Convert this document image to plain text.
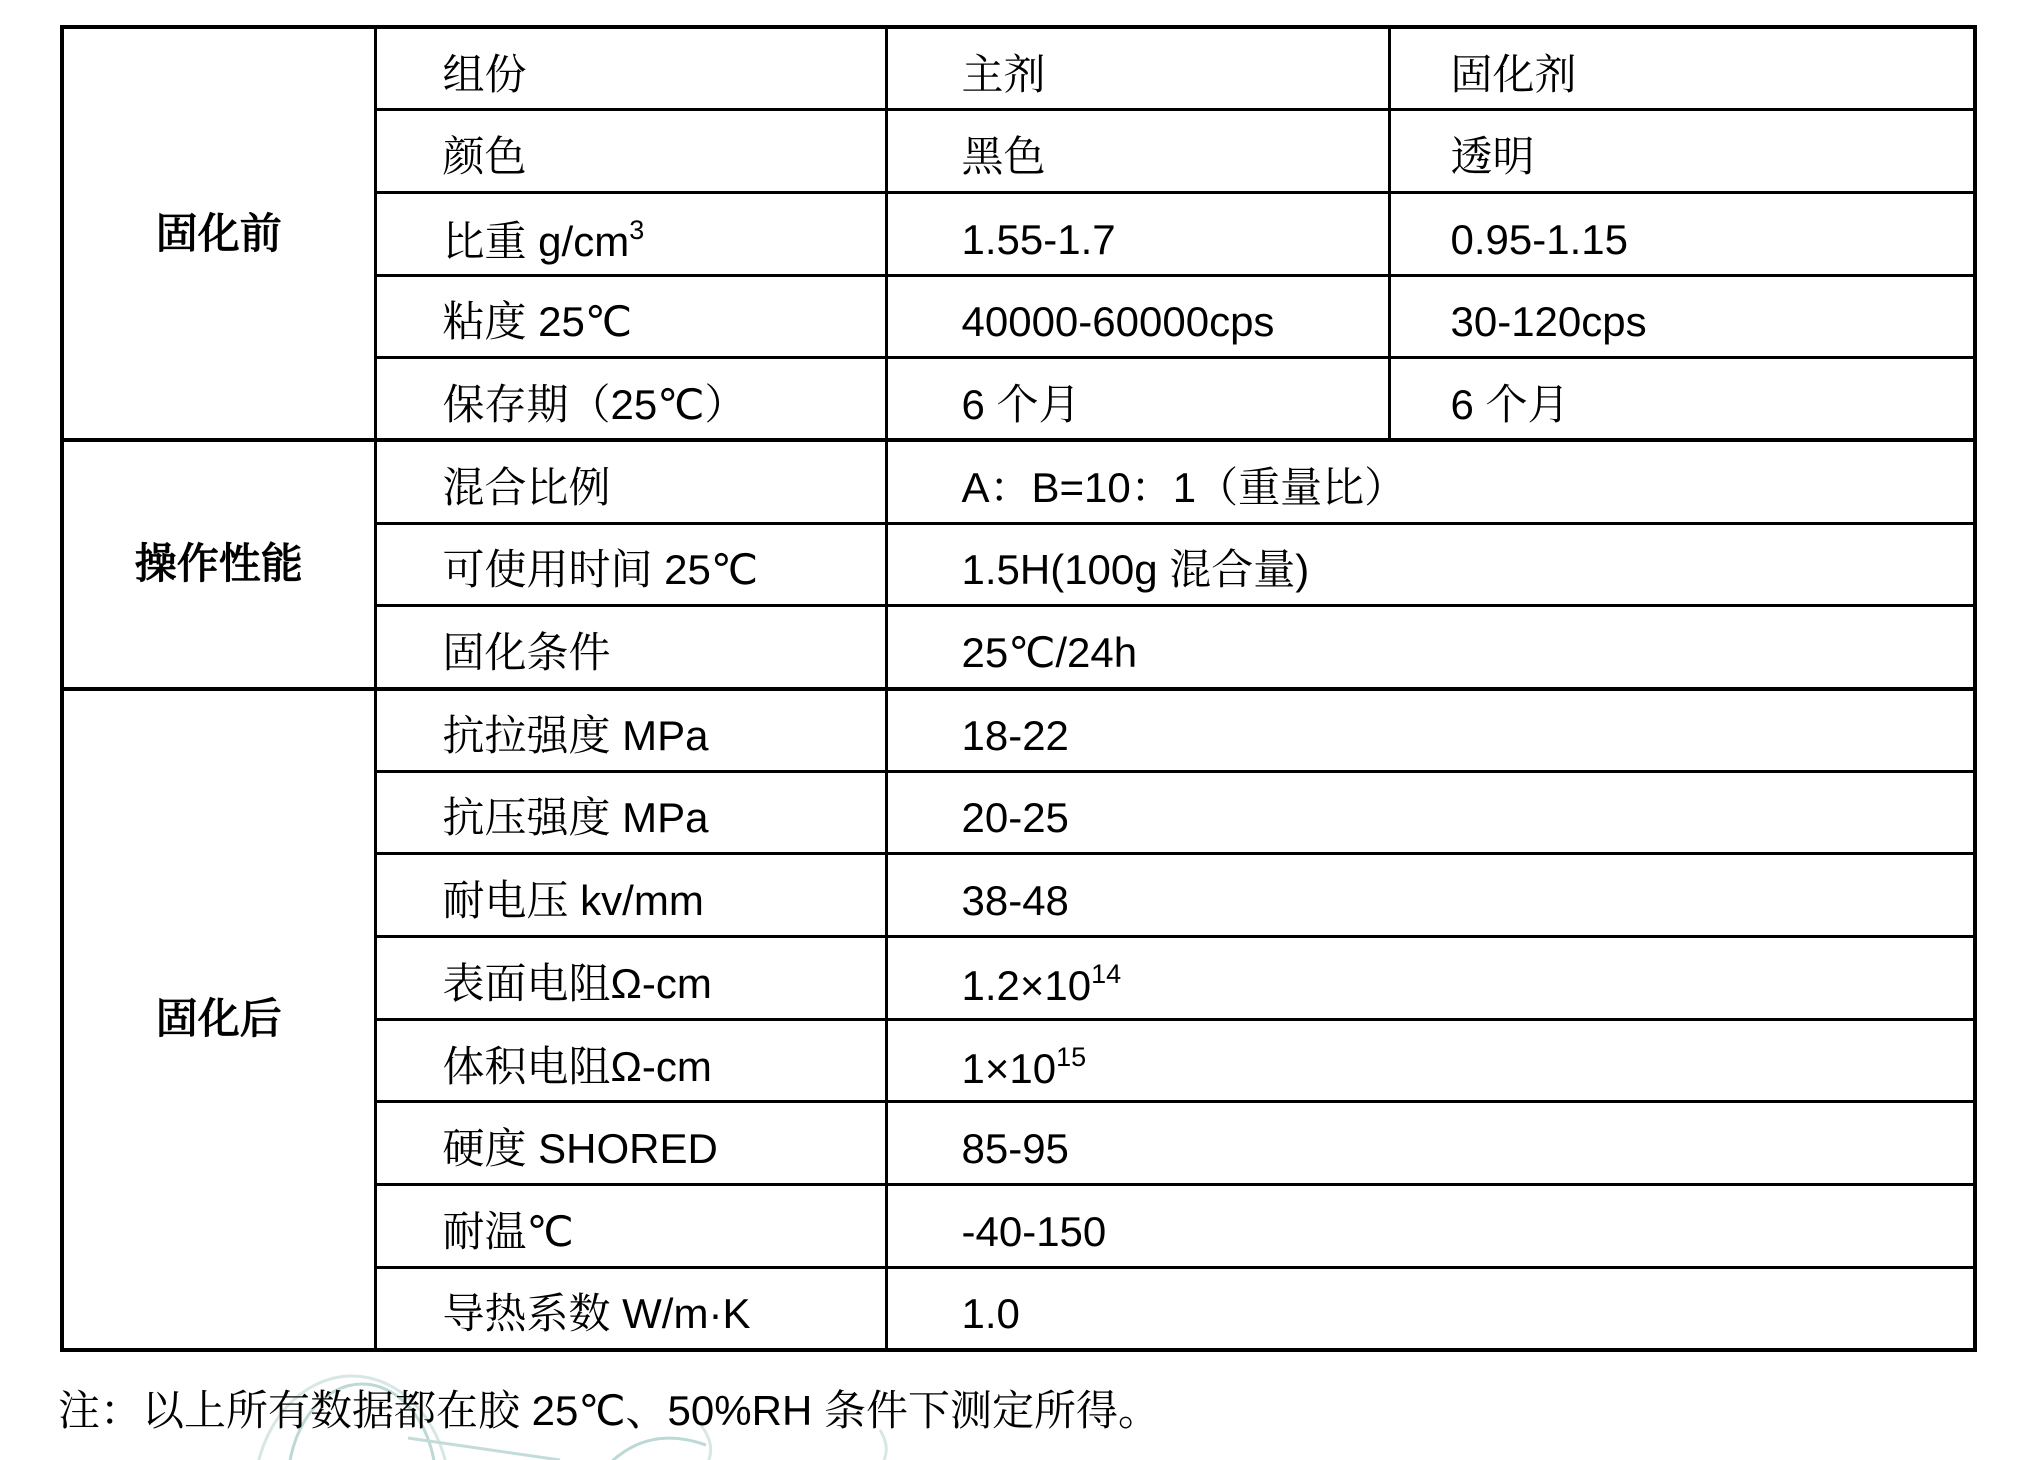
固化前	组份	主剂	固化剂
	颜色	黑色	透明
	比重 $g/cm^3$	1.55-1.7	0.95-1.15
	粘度 25℃	40000-60000cps	30-120cps
	保存期（25℃）	6 个月	6 个月
操作性能	混合比例	A：B=10：1（重量比）	
	可使用时间 25℃	1.5H(100g 混合量)	
	固化条件	25℃/24h	
固化后	抗拉强度 MPa	18-22	
	抗压强度 MPa	20-25	
	耐电压 kv/mm	38-48	
	表面电阻Ω-cm	$1.2\times 10^{14}$
	体积电阻Ω-cm	$1\times 10^{15}$
	硬度 SHORED	85-95	
	耐温℃	-40-150	
	导热系数 W/m·K	1.0	
注：以上所有数据都在胶 25℃、50%RH 条件下测定所得。
